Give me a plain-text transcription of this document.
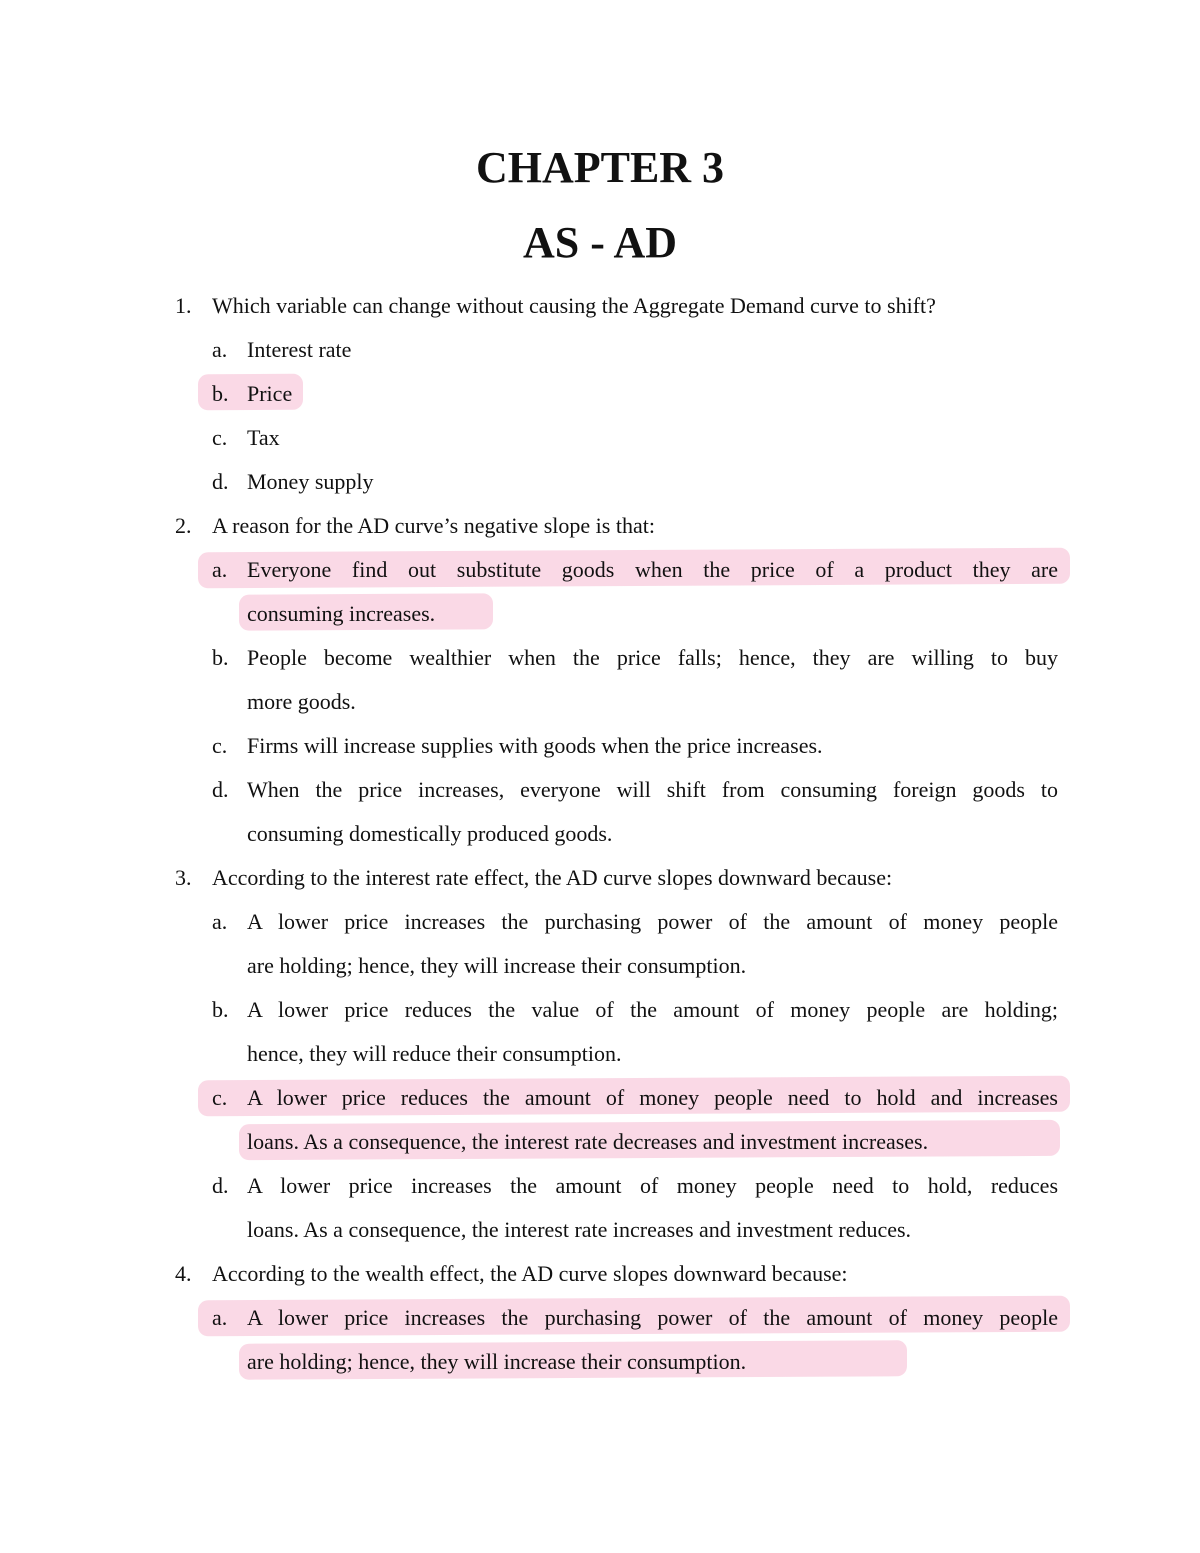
CHAPTER 3
AS - AD
1. Which variable can change without causing the Aggregate Demand curve to shift?
a. Interest rate
b. Price
c. Tax
d. Money supply
2. A reason for the AD curve’s negative slope is that:
a. Everyone find out substitute goods when the price of a product they are
consuming increases.
b. People become wealthier when the price falls; hence, they are willing to buy
more goods.
c. Firms will increase supplies with goods when the price increases.
d. When the price increases, everyone will shift from consuming foreign goods to
consuming domestically produced goods.
3. According to the interest rate effect, the AD curve slopes downward because:
a. A lower price increases the purchasing power of the amount of money people
are holding; hence, they will increase their consumption.
b. A lower price reduces the value of the amount of money people are holding;
hence, they will reduce their consumption.
c. A lower price reduces the amount of money people need to hold and increases
loans. As a consequence, the interest rate decreases and investment increases.
d. A lower price increases the amount of money people need to hold, reduces
loans. As a consequence, the interest rate increases and investment reduces.
4. According to the wealth effect, the AD curve slopes downward because:
a. A lower price increases the purchasing power of the amount of money people
are holding; hence, they will increase their consumption.
